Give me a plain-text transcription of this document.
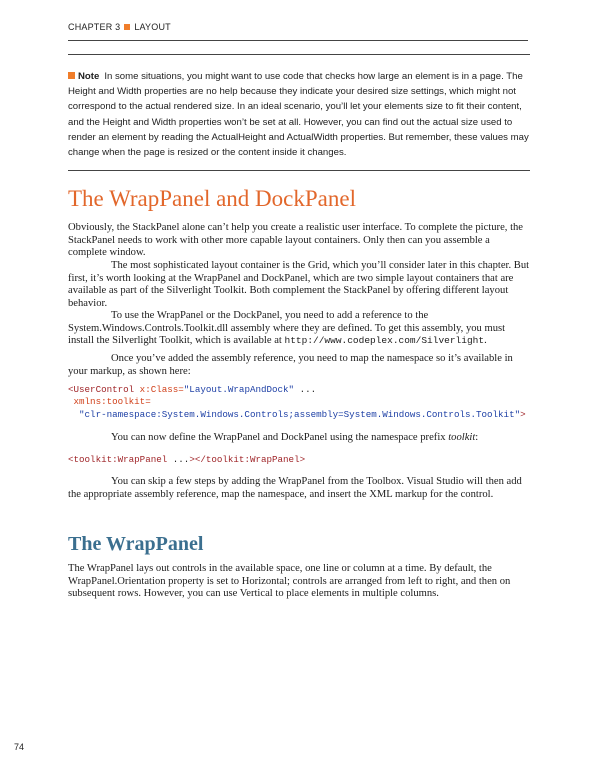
CHAPTER 3 LAYOUT
Note In some situations, you might want to use code that checks how large an element is in a page. The Height and Width properties are no help because they indicate your desired size settings, which might not correspond to the actual rendered size. In an ideal scenario, you’ll let your elements size to fit their content, and the Height and Width properties won’t be set at all. However, you can find out the actual size used to render an element by reading the ActualHeight and ActualWidth properties. But remember, these values may change when the page is resized or the content inside it changes.
The WrapPanel and DockPanel

Obviously, the StackPanel alone can’t help you create a realistic user interface. To complete the picture, the StackPanel needs to work with other more capable layout containers. Only then can you assemble a complete window.

The most sophisticated layout container is the Grid, which you’ll consider later in this chapter. But first, it’s worth looking at the WrapPanel and DockPanel, which are two simple layout containers that are available as part of the Silverlight Toolkit. Both complement the StackPanel by offering different layout behavior.

To use the WrapPanel or the DockPanel, you need to add a reference to the System.Windows.Controls.Toolkit.dll assembly where they are defined. To get this assembly, you must install the Silverlight Toolkit, which is available at http://www.codeplex.com/Silverlight.

Once you’ve added the assembly reference, you need to map the namespace so it’s available in your markup, as shown here:

<UserControl x:Class="Layout.WrapAndDock" ...
xmlns:toolkit=
"clr-namespace:System.Windows.Controls;assembly=System.Windows.Controls.Toolkit">

You can now define the WrapPanel and DockPanel using the namespace prefix toolkit:

<toolkit:WrapPanel ...></toolkit:WrapPanel>

You can skip a few steps by adding the WrapPanel from the Toolbox. Visual Studio will then add the appropriate assembly reference, map the namespace, and insert the XML markup for the control.

The WrapPanel

The WrapPanel lays out controls in the available space, one line or column at a time. By default, the WrapPanel.Orientation property is set to Horizontal; controls are arranged from left to right, and then on subsequent rows. However, you can use Vertical to place elements in multiple columns.

74
